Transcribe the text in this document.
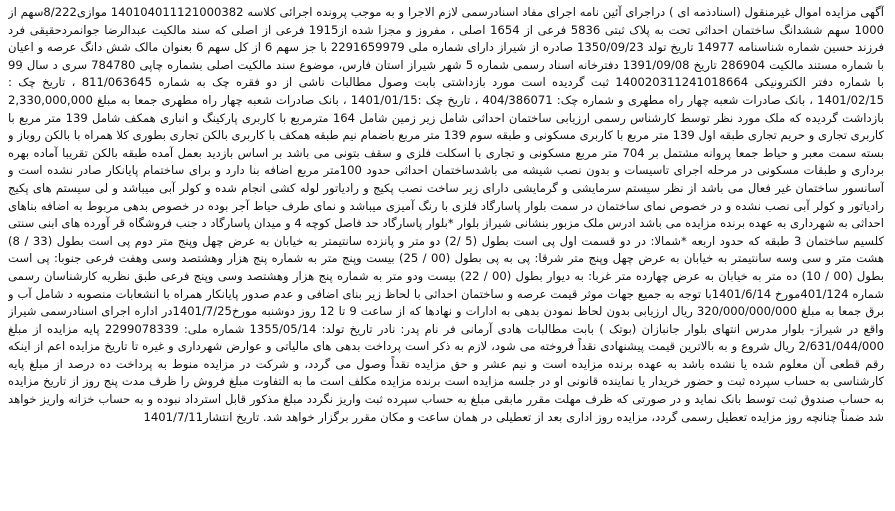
آگهی مزایده اموال غیرمنقول (اسنادذمه ای ) دراجرای آئین نامه اجرای مفاد اسنادرسمی لازم الاجرا و به موجب پرونده اجرائی کلاسه 140104011121000382 موازی8/222سهم از 1000 سهم ششدانگ ساختمان احداثی تحت به پلاک ثبتی 5836 فرعی از 1654 اصلی ، مفروز و مجزا شده از1915 فرعی از اصلی که سند مالکیت عبدالرضا جوانمردحقیقی فرد فرزند حسین شماره شناسنامه 14977 تاریخ تولد 1350/09/23 صادره از شیراز دارای شماره ملی 2291659979 با جز سهم 6 از کل سهم 6 بعنوان مالک شش دانگ عرصه و اعیان با شماره مستند مالکیت 286904 تاریخ 1391/09/08 دفترخانه اسناد رسمی شماره 5 شهر شیراز استان فارس، موضوع سند مالکیت اصلی بشماره چاپی 784780 سری د سال 99 با شماره دفتر الکترونیکی 140020311241018664 ثبت گردیده است مورد بازداشتی بابت وصول مطالبات ناشی از دو فقره چک به شماره 811/063645 ، تاریخ چک : 1401/02/15 ، بانک صادرات شعبه چهار راه مطهری و شماره چک: 404/386071 ، تاریخ چک :1401/01/15 ، بانک صادرات شعبه چهار راه مطهری جمعا به مبلغ 2,330,000,000 بازداشت گردیده که ملک مورد نظر توسط کارشناس رسمی ارزیابی ساختمان احداثی شامل زیر زمین شامل 164 مترمربع با کاربری پارکینگ و انباری همکف شامل 139 متر مربع با کاربری تجاری و حریم تجاری طبقه اول 139 متر مربع با کاربری مسکونی و طبقه سوم 139 متر مربع باضمام نیم طبقه همکف با کاربری بالکن تجاری بطوری کلا همراه با بالکن روباز و بسته سمت معبر و حیاط جمعا پروانه مشتمل بر 704 متر مربع مسکونی و تجاری با اسکلت فلزی و سقف بتونی می باشد بر اساس بازدید بعمل آمده طبقه بالکن تقریبا آماده بهره برداری و طبقات مسکونی در مرحله اجرای تاسیسات و بدون نصب شیشه می باشدساختمان احداثی حدود 100متر مربع اضافه بنا دارد و برای ساختمام پایانکار صادر نشده است و آسانسور ساختمان غیر فعال می باشد از نظر سیستم سرمایشی و گرمایشی دارای زیر ساخت نصب پکیج و رادیاتور لوله کشی انجام شده و کولر آبی میباشد و لی سیستم های پکیج رادیاتور و کولر آبی نصب نشده و در خصوص نمای ساختمان در سمت بلوار پاسارگاد فلزی با رنگ آمیزی میباشد و نمای طرف حیاط آجر بوده در خصوص بدهی مربوط به اضافه بناهای احداثی به شهرداری به عهده برنده مزایده می باشد ادرس ملک مزبور بنشانی شیراز بلوار *بلوار پاسارگاد حد فاصل کوچه 4 و میدان پاسارگاد د جنب فروشگاه قر آورده های ابنی سنتی کلسیم ساختمان 3 طبقه که حدود اربعه *شمالا: در دو قسمت اول پی است بطول (5 /2) دو متر و پانزده سانتیمتر به خیابان به عرض چهل وپنج متر دوم پی است بطول (33 / 8) هشت متر و سی وسه سانتیمتر به خیابان به عرض چهل وپنج متر شرقا: پی به پی بطول (00 / 25) بیست وپنج متر به شماره پنج هزار وهشتصد وسی وهفت فرعی جنوبا: پی است بطول (00 / 10) ده متر به خیابان به عرض چهارده متر غربا: به دیوار بطول (00 / 22) بیست ودو متر به شماره پنج هزار وهشتصد وسی وپنج فرعی طبق نظریه کارشناسان رسمی شماره 401/124مورخ 1401/6/14با توجه به جمیع جهات موثر قیمت عرصه و ساختمان احداثی با لحاظ زیر بنای اضافی و عدم صدور پایانکار همراه با انشعابات منصوبه د شامل آب و برق جمعا به مبلغ 320/000/000/000 ریال ارزیابی بدون لحاظ نمودن بدهی به ادارات و نهادها که از ساعت 9 تا 12 روز دوشنبه مورخ1401/7/25در اداره اجرای اسنادرسمی شیراز واقع در شیراز- بلوار مدرس انتهای بلوار جانبازان (بوتک ) بابت مطالبات هادی آرمانی فر نام پدر: نادر تاریخ تولد: 1355/05/14 شماره ملی: 2299078339 پایه مزایده از مبلغ 2/631/044/000 ریال شروع و به بالاترین قیمت پیشنهادی نقداً فروخته می شود، لازم به ذکر است پرداخت بدهی های مالیاتی و عوارض شهرداری و غیره تا تاریخ مزایده اعم از اینکه رقم قطعی آن معلوم شده یا نشده باشد به عهده برنده مزایده است و نیم عشر و حق مزایده نقداً وصول می گردد، و شرکت در مزایده منوط به پرداخت ده درصد از مبلغ پایه کارشناسی به حساب سپرده ثبت و حضور خریدار یا نماینده قانونی او در جلسه مزایده است برنده مزایده مکلف است ما به التفاوت مبلغ فروش را ظرف مدت پنج روز از تاریخ مزایده به حساب صندوق ثبت توسط بانک نماید و در صورتی که ظرف مهلت مقرر مابقی مبلغ به حساب سپرده ثبت واریز نگردد مبلغ مذکور قابل استرداد نبوده و به حساب خزانه واریز خواهد شد ضمناً چنانچه روز مزایده تعطیل رسمی گردد، مزایده روز اداری بعد از تعطیلی در همان ساعت و مکان مقرر برگزار خواهد شد. تاریخ انتشار1401/7/11
